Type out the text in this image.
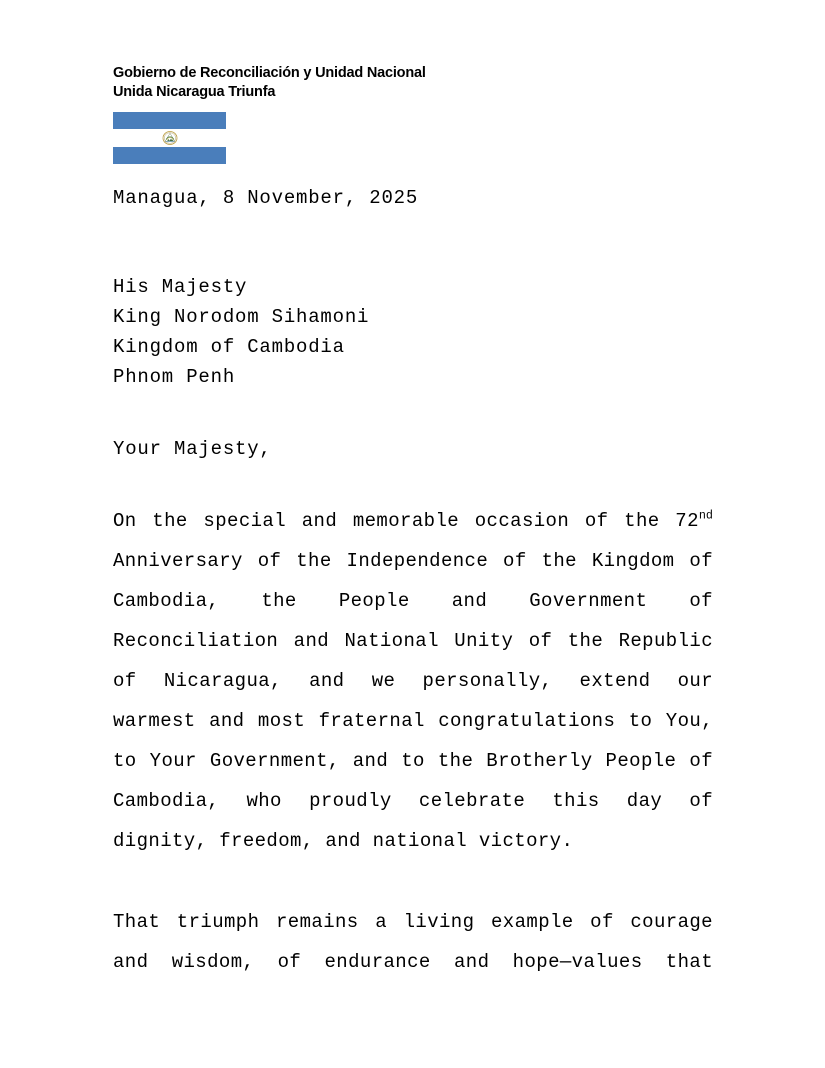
Gobierno de Reconciliación y Unidad Nacional
Unida Nicaragua Triunfa
Managua, 8 November, 2025
His Majesty
King Norodom Sihamoni
Kingdom of Cambodia
Phnom Penh
Your Majesty,

On the special and memorable occasion of the 72nd Anniversary of the Independence of the Kingdom of Cambodia, the People and Government of Reconciliation and National Unity of the Republic of Nicaragua, and we personally, extend our warmest and most fraternal congratulations to You, to Your Government, and to the Brotherly People of Cambodia, who proudly celebrate this day of dignity, freedom, and national victory.

That triumph remains a living example of courage and wisdom, of endurance and hope—values that
